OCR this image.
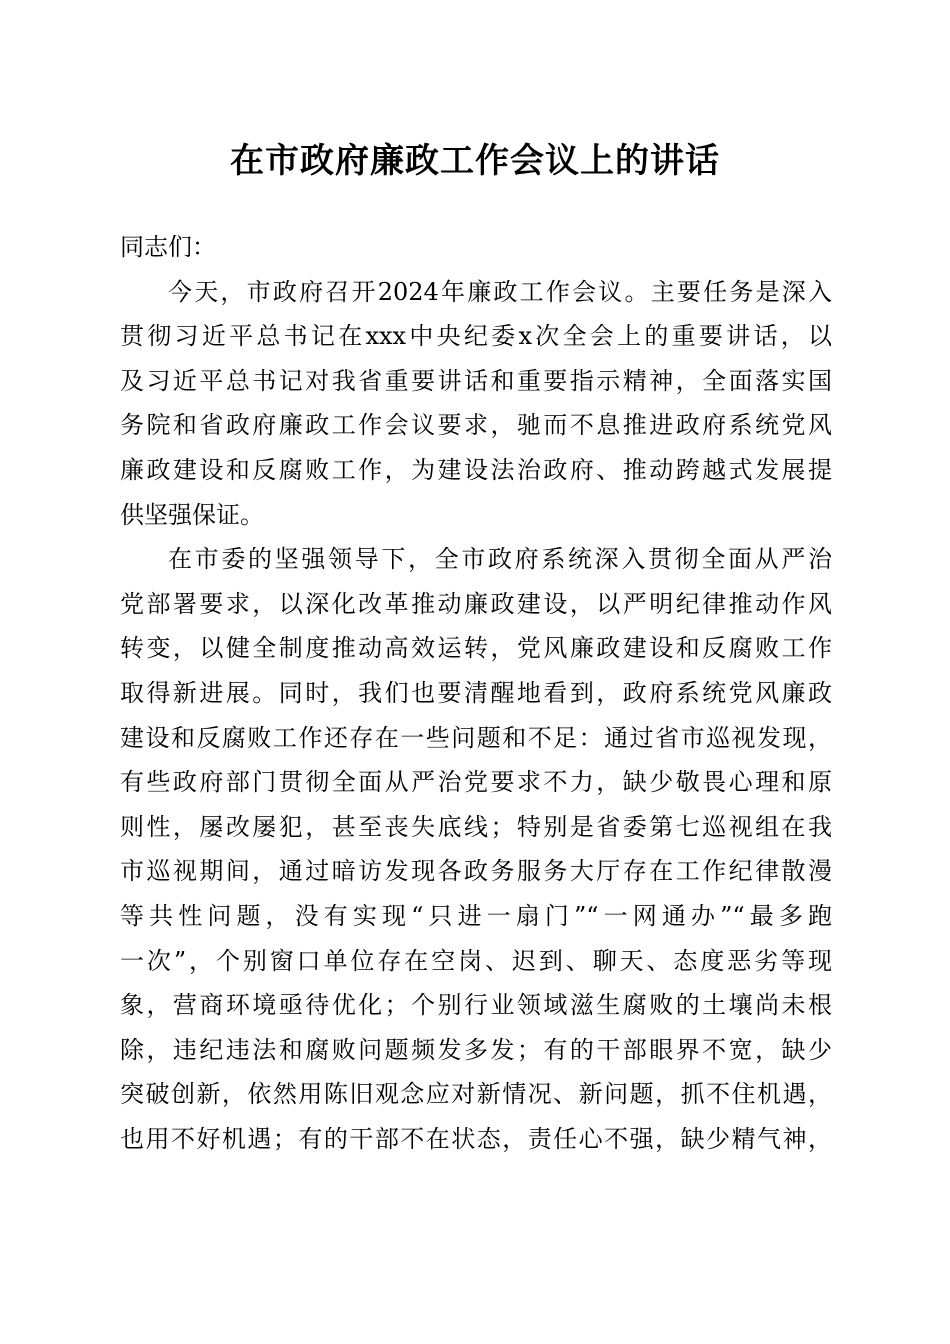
在市政府廉政工作会议上的讲话

同志们：

今天，市政府召开2024年廉政工作会议。主要任务是深入
贯彻习近平总书记在xxx中央纪委x次全会上的重要讲话，以
及习近平总书记对我省重要讲话和重要指示精神，全面落实国
务院和省政府廉政工作会议要求，驰而不息推进政府系统党风
廉政建设和反腐败工作，为建设法治政府、推动跨越式发展提
供坚强保证。

在市委的坚强领导下，全市政府系统深入贯彻全面从严治
党部署要求，以深化改革推动廉政建设，以严明纪律推动作风
转变，以健全制度推动高效运转，党风廉政建设和反腐败工作
取得新进展。同时，我们也要清醒地看到，政府系统党风廉政
建设和反腐败工作还存在一些问题和不足：通过省市巡视发现，
有些政府部门贯彻全面从严治党要求不力，缺少敬畏心理和原
则性，屡改屡犯，甚至丧失底线；特别是省委第七巡视组在我
市巡视期间，通过暗访发现各政务服务大厅存在工作纪律散漫
等共性问题，没有实现“只进一扇门”“一网通办”“最多跑
一次”，个别窗口单位存在空岗、迟到、聊天、态度恶劣等现
象，营商环境亟待优化；个别行业领域滋生腐败的土壤尚未根
除，违纪违法和腐败问题频发多发；有的干部眼界不宽，缺少
突破创新，依然用陈旧观念应对新情况、新问题，抓不住机遇，
也用不好机遇；有的干部不在状态，责任心不强，缺少精气神，
